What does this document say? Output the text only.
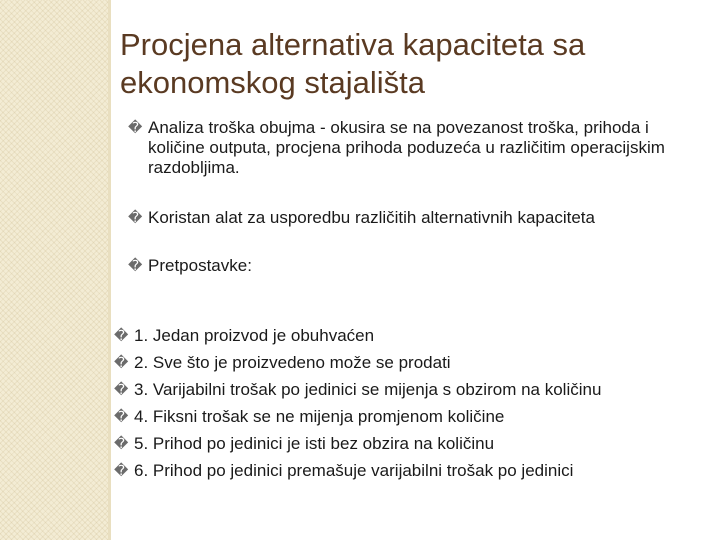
Procjena alternativa kapaciteta sa
ekonomskog stajališta
� Analiza troška obujma - okusira se na povezanost troška, prihoda i količine outputa, procjena prihoda poduzeća u različitim operacijskim razdobljima.
� Koristan alat za usporedbu različitih alternativnih kapaciteta
� Pretpostavke:
� 1. Jedan proizvod je obuhvaćen
� 2. Sve što je proizvedeno može se prodati
� 3. Varijabilni trošak po jedinici se mijenja s obzirom na količinu
� 4. Fiksni trošak se ne mijenja promjenom količine
� 5. Prihod po jedinici je isti bez obzira na količinu
� 6. Prihod po jedinici premašuje varijabilni trošak po jedinici
